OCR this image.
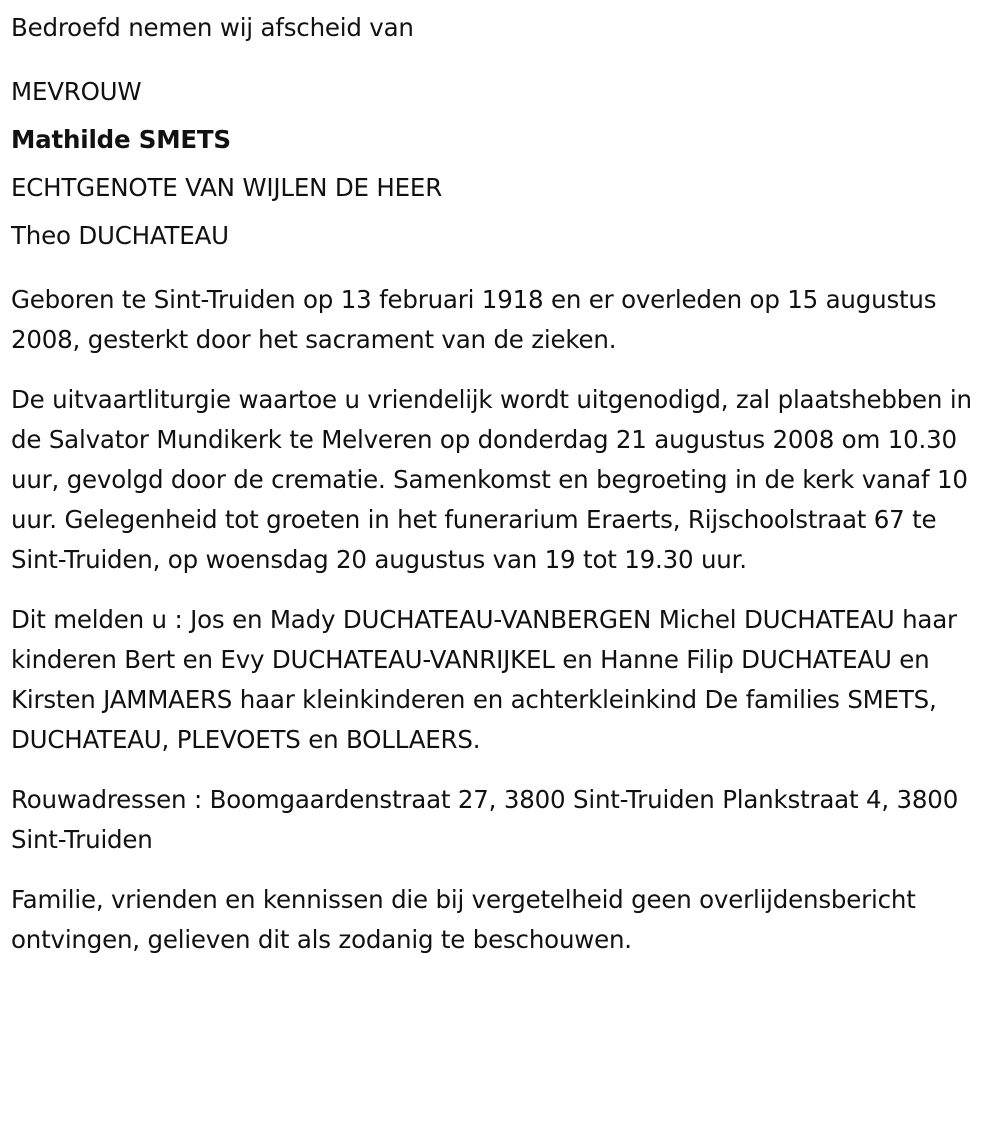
Bedroefd nemen wij afscheid van

MEVROUW

Mathilde SMETS

ECHTGENOTE VAN WIJLEN DE HEER

Theo DUCHATEAU

Geboren te Sint-Truiden op 13 februari 1918 en er overleden op 15 augustus 2008, gesterkt door het sacrament van de zieken.

De uitvaartliturgie waartoe u vriendelijk wordt uitgenodigd, zal plaatshebben in de Salvator Mundikerk te Melveren op donderdag 21 augustus 2008 om 10.30 uur, gevolgd door de crematie. Samenkomst en begroeting in de kerk vanaf 10 uur. Gelegenheid tot groeten in het funerarium Eraerts, Rijschoolstraat 67 te Sint-Truiden, op woensdag 20 augustus van 19 tot 19.30 uur.

Dit melden u : Jos en Mady DUCHATEAU-VANBERGEN Michel DUCHATEAU haar kinderen Bert en Evy DUCHATEAU-VANRIJKEL en Hanne Filip DUCHATEAU en Kirsten JAMMAERS haar kleinkinderen en achterkleinkind De families SMETS, DUCHATEAU, PLEVOETS en BOLLAERS.

Rouwadressen : Boomgaardenstraat 27, 3800 Sint-Truiden Plankstraat 4, 3800 Sint-Truiden

Familie, vrienden en kennissen die bij vergetelheid geen overlijdensbericht ontvingen, gelieven dit als zodanig te beschouwen.
